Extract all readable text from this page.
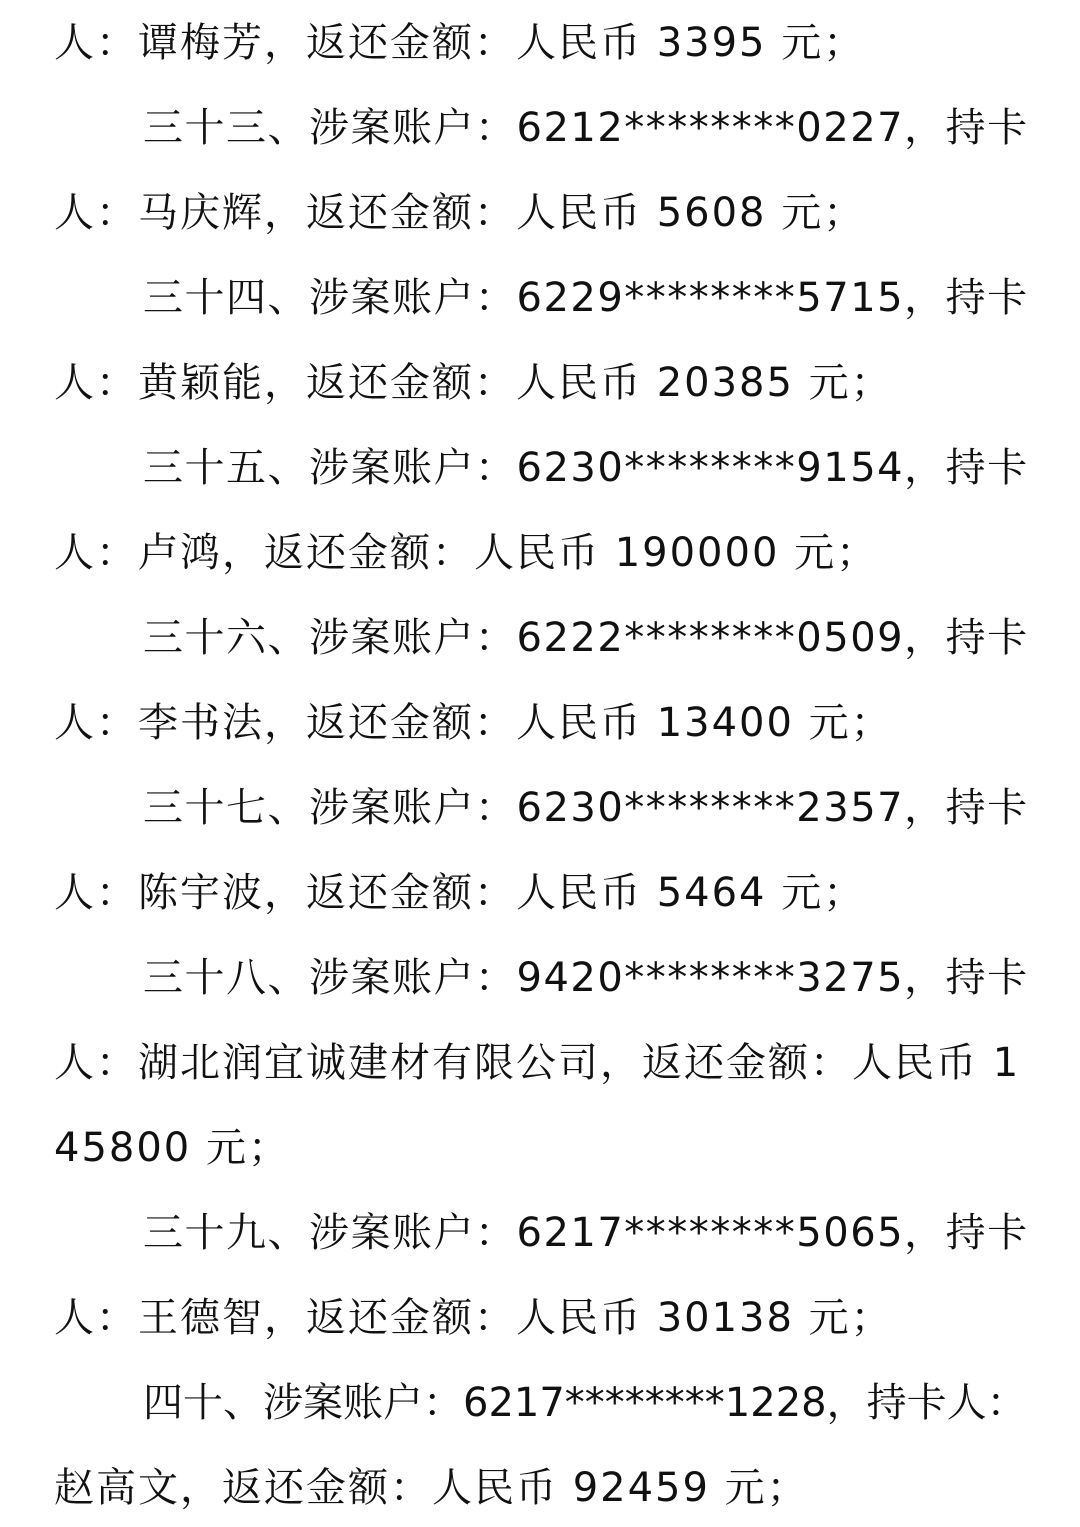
人：谭梅芳，返还金额：人民币 3395 元；
三十三、涉案账户：6212********0227，持卡
人：马庆辉，返还金额：人民币 5608 元；
三十四、涉案账户：6229********5715，持卡
人：黄颖能，返还金额：人民币 20385 元；
三十五、涉案账户：6230********9154，持卡
人：卢鸿，返还金额：人民币 190000 元；
三十六、涉案账户：6222********0509，持卡
人：李书法，返还金额：人民币 13400 元；
三十七、涉案账户：6230********2357，持卡
人：陈宇波，返还金额：人民币 5464 元；
三十八、涉案账户：9420********3275，持卡
人：湖北润宜诚建材有限公司，返还金额：人民币 1
45800 元；
三十九、涉案账户：6217********5065，持卡
人：王德智，返还金额：人民币 30138 元；
四十、涉案账户：6217********1228，持卡人：
赵高文，返还金额：人民币 92459 元；
